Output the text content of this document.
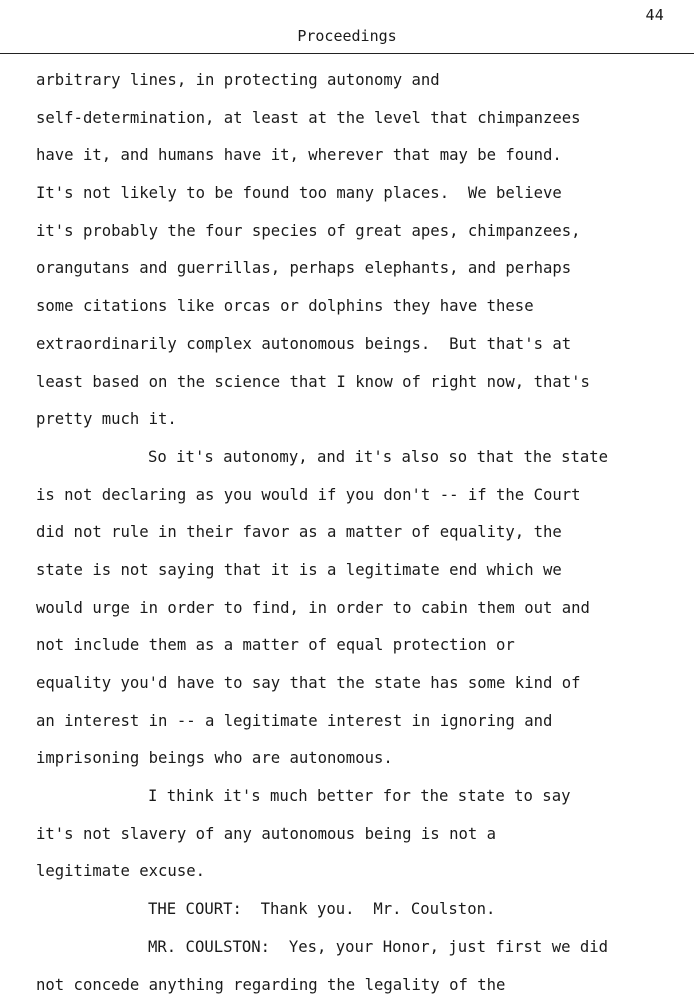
44
Proceedings
arbitrary lines, in protecting autonomy and
self-determination, at least at the level that chimpanzees
have it, and humans have it, wherever that may be found.
It's not likely to be found too many places.  We believe
it's probably the four species of great apes, chimpanzees,
orangutans and guerrillas, perhaps elephants, and perhaps
some citations like orcas or dolphins they have these
extraordinarily complex autonomous beings.  But that's at
least based on the science that I know of right now, that's
pretty much it.
So it's autonomy, and it's also so that the state
is not declaring as you would if you don't -- if the Court
did not rule in their favor as a matter of equality, the
state is not saying that it is a legitimate end which we
would urge in order to find, in order to cabin them out and
not include them as a matter of equal protection or
equality you'd have to say that the state has some kind of
an interest in -- a legitimate interest in ignoring and
imprisoning beings who are autonomous.
I think it's much better for the state to say
it's not slavery of any autonomous being is not a
legitimate excuse.
THE COURT:  Thank you.  Mr. Coulston.
MR. COULSTON:  Yes, your Honor, just first we did
not concede anything regarding the legality of the
